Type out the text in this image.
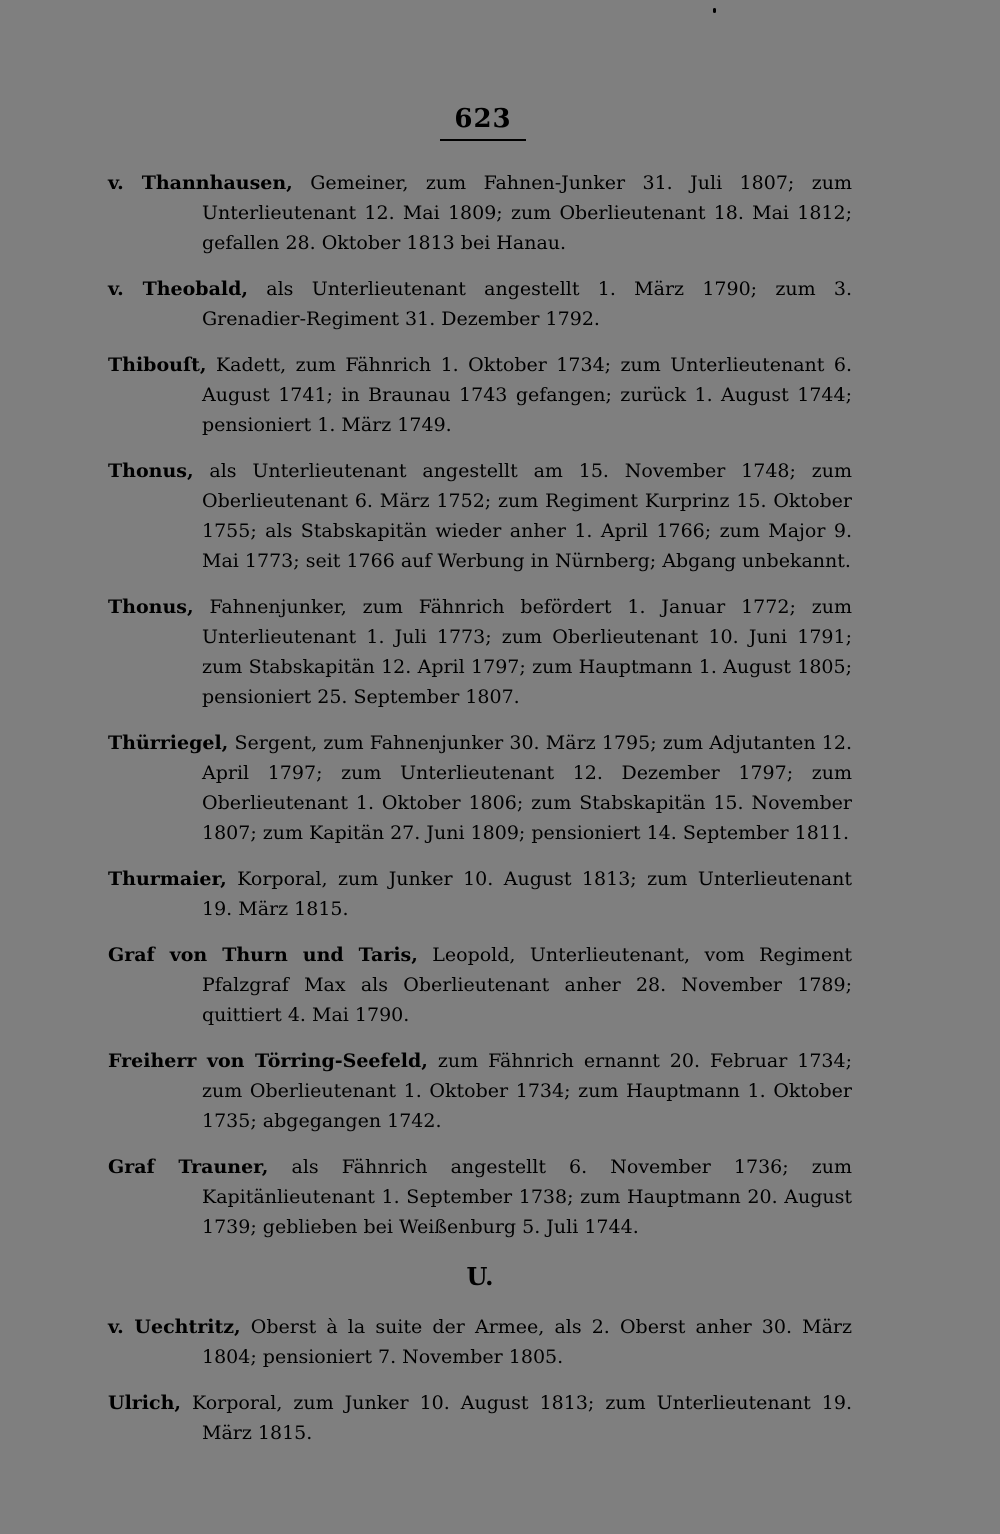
623

v. Thannhausen, Gemeiner, zum Fahnen-Junker 31. Juli 1807; zum Unterlieutenant 12. Mai 1809; zum Oberlieutenant 18. Mai 1812; gefallen 28. Oktober 1813 bei Hanau.

v. Theobald, als Unterlieutenant angestellt 1. März 1790; zum 3. Grenadier-Regiment 31. Dezember 1792.

Thibouſt, Kadett, zum Fähnrich 1. Oktober 1734; zum Unterlieutenant 6. August 1741; in Braunau 1743 gefangen; zurück 1. August 1744; pensioniert 1. März 1749.

Thonus, als Unterlieutenant angestellt am 15. November 1748; zum Oberlieutenant 6. März 1752; zum Regiment Kurprinz 15. Oktober 1755; als Stabskapitän wieder anher 1. April 1766; zum Major 9. Mai 1773; seit 1766 auf Werbung in Nürnberg; Abgang unbekannt.

Thonus, Fahnenjunker, zum Fähnrich befördert 1. Januar 1772; zum Unterlieutenant 1. Juli 1773; zum Oberlieutenant 10. Juni 1791; zum Stabskapitän 12. April 1797; zum Hauptmann 1. August 1805; pensioniert 25. September 1807.

Thürriegel, Sergent, zum Fahnenjunker 30. März 1795; zum Adjutanten 12. April 1797; zum Unterlieutenant 12. Dezember 1797; zum Oberlieutenant 1. Oktober 1806; zum Stabskapitän 15. November 1807; zum Kapitän 27. Juni 1809; pensioniert 14. September 1811.

Thurmaier, Korporal, zum Junker 10. August 1813; zum Unterlieutenant 19. März 1815.

Graf von Thurn und Taris, Leopold, Unterlieutenant, vom Regiment Pfalzgraf Max als Oberlieutenant anher 28. November 1789; quittiert 4. Mai 1790.

Freiherr von Törring-Seefeld, zum Fähnrich ernannt 20. Februar 1734; zum Oberlieutenant 1. Oktober 1734; zum Hauptmann 1. Oktober 1735; abgegangen 1742.

Graf Trauner, als Fähnrich angestellt 6. November 1736; zum Kapitänlieutenant 1. September 1738; zum Hauptmann 20. August 1739; geblieben bei Weißenburg 5. Juli 1744.

U.

v. Uechtritz, Oberst à la suite der Armee, als 2. Oberst anher 30. März 1804; pensioniert 7. November 1805.

Ulrich, Korporal, zum Junker 10. August 1813; zum Unterlieutenant 19. März 1815.
